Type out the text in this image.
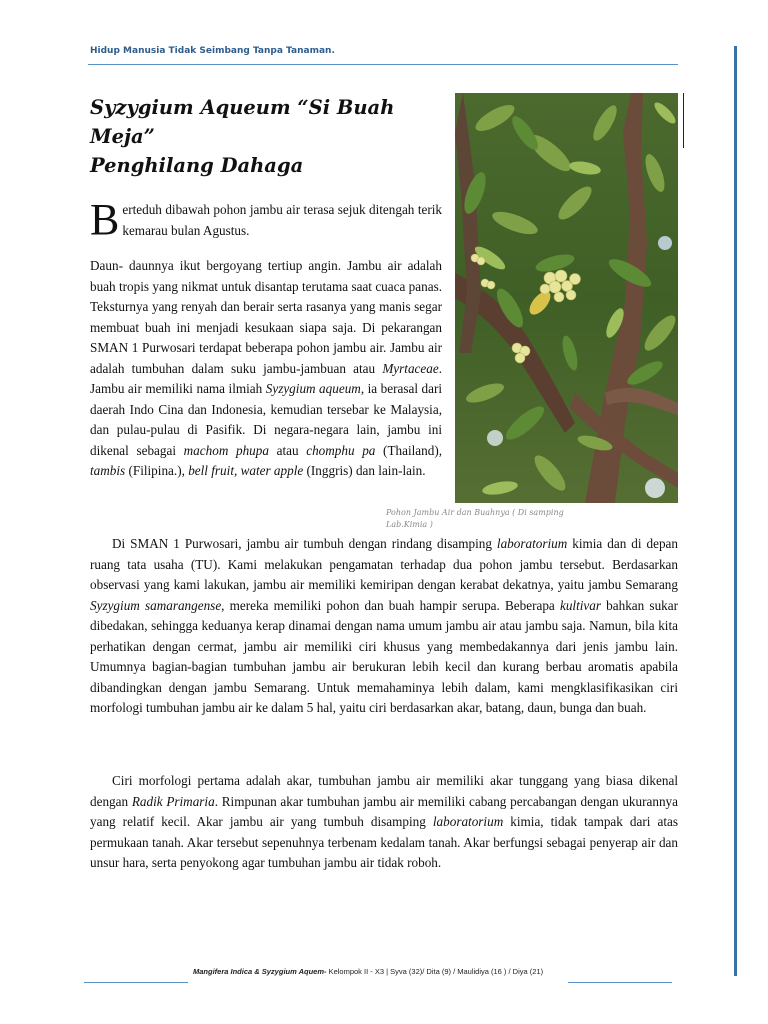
Hidup Manusia Tidak Seimbang Tanpa Tanaman.
Syzygium Aqueum “Si Buah Meja”
Penghilang Dahaga
Pohon Jambu Air dan Buahnya ( Di samping Lab.Kimia )
Berteduh dibawah pohon jambu air terasa sejuk ditengah terik kemarau bulan Agustus.

Daun- daunnya ikut bergoyang tertiup angin. Jambu air adalah buah tropis yang nikmat untuk disantap terutama saat cuaca panas. Teksturnya yang renyah dan berair serta rasanya yang manis segar membuat buah ini menjadi kesukaan siapa saja. Di pekarangan SMAN 1 Purwosari terdapat beberapa pohon jambu air. Jambu air adalah tumbuhan dalam suku jambu-jambuan atau Myrtaceae. Jambu air memiliki nama ilmiah Syzygium aqueum, ia berasal dari daerah Indo Cina dan Indonesia, kemudian tersebar ke Malaysia, dan pulau-pulau di Pasifik. Di negara-negara lain, jambu ini dikenal sebagai machom phupa atau chomphu pa (Thailand), tambis (Filipina.), bell fruit, water apple (Inggris) dan lain-lain.

Di SMAN 1 Purwosari, jambu air tumbuh dengan rindang disamping laboratorium kimia dan di depan ruang tata usaha (TU). Kami melakukan pengamatan terhadap dua pohon jambu tersebut. Berdasarkan observasi yang kami lakukan, jambu air memiliki kemiripan dengan kerabat dekatnya, yaitu jambu Semarang Syzygium samarangense, mereka memiliki pohon dan buah hampir serupa. Beberapa kultivar bahkan sukar dibedakan, sehingga keduanya kerap dinamai dengan nama umum jambu air atau jambu saja. Namun, bila kita perhatikan dengan cermat, jambu air memiliki ciri khusus yang membedakannya dari jenis jambu lain. Umumnya bagian-bagian tumbuhan jambu air berukuran lebih kecil dan kurang berbau aromatis apabila dibandingkan dengan jambu Semarang. Untuk memahaminya lebih dalam, kami mengklasifikasikan ciri morfologi tumbuhan jambu air ke dalam 5 hal, yaitu ciri berdasarkan akar, batang, daun, bunga dan buah.

Ciri morfologi pertama adalah akar, tumbuhan jambu air memiliki akar tunggang yang biasa dikenal dengan Radik Primaria. Rimpunan akar tumbuhan jambu air memiliki cabang percabangan dengan ukurannya yang relatif kecil. Akar jambu air yang tumbuh disamping laboratorium kimia, tidak tampak dari atas permukaan tanah. Akar tersebut sepenuhnya terbenam kedalam tanah. Akar berfungsi sebagai penyerap air dan unsur hara, serta penyokong agar tumbuhan jambu air tidak roboh.

Mangifera Indica & Syzygium Aquem- Kelompok II - X3 | Syva (32)/ Dita (9) / Maulidiya (16 ) / Diya (21)
